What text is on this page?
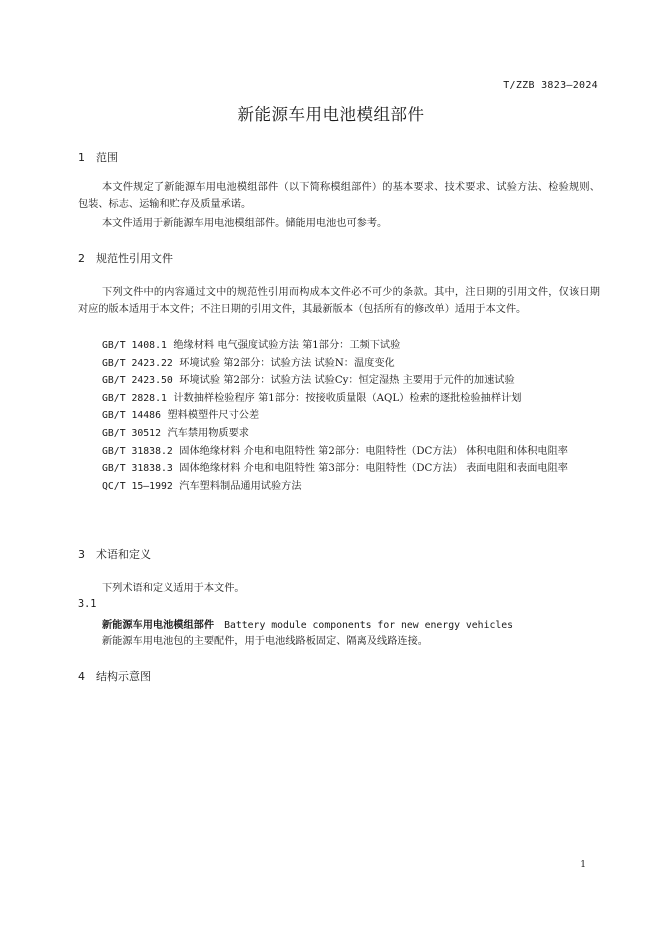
T/ZZB 3823—2024
新能源车用电池模组部件
1 范围

本文件规定了新能源车用电池模组部件（以下简称模组部件）的基本要求、技术要求、试验方法、检验规则、包装、标志、运输和贮存及质量承诺。

本文件适用于新能源车用电池模组部件。储能用电池也可参考。

2 规范性引用文件

下列文件中的内容通过文中的规范性引用而构成本文件必不可少的条款。其中，注日期的引用文件，仅该日期对应的版本适用于本文件；不注日期的引用文件，其最新版本（包括所有的修改单）适用于本文件。

GB/T 1408.1 绝缘材料 电气强度试验方法 第1部分：工频下试验

GB/T 2423.22 环境试验 第2部分：试验方法 试验N：温度变化

GB/T 2423.50 环境试验 第2部分：试验方法 试验Cy：恒定湿热 主要用于元件的加速试验

GB/T 2828.1 计数抽样检验程序 第1部分：按接收质量限（AQL）检索的逐批检验抽样计划

GB/T 14486 塑料模塑件尺寸公差

GB/T 30512 汽车禁用物质要求

GB/T 31838.2 固体绝缘材料 介电和电阻特性 第2部分：电阻特性（DC方法） 体积电阻和体积电阻率

GB/T 31838.3 固体绝缘材料 介电和电阻特性 第3部分：电阻特性（DC方法） 表面电阻和表面电阻率

QC/T 15—1992 汽车塑料制品通用试验方法

3 术语和定义

下列术语和定义适用于本文件。

3.1
新能源车用电池模组部件 Battery module components for new energy vehicles

新能源车用电池包的主要配件，用于电池线路板固定、隔离及线路连接。

4 结构示意图
1
